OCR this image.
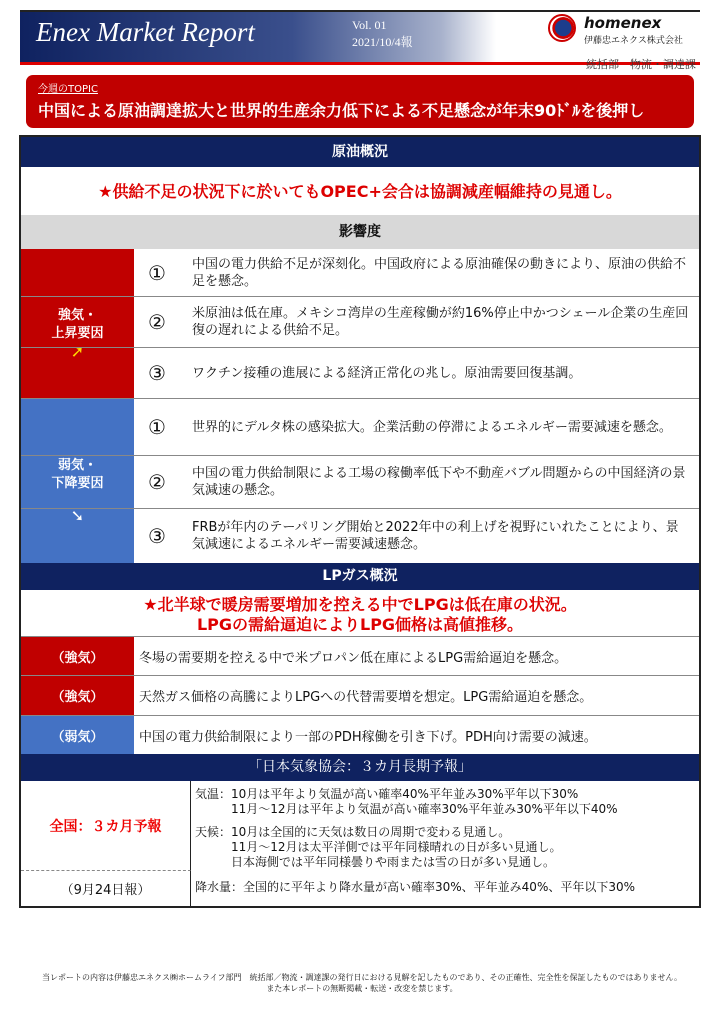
Enex Market Report	Vol. 01
2021/10/4報
homenex
伊藤忠エネクス株式会社
統括部　物流・調達課
今週のTOPIC
中国による原油調達拡大と世界的生産余力低下による不足懸念が年末90ﾄﾞﾙを後押し
原油概況
★供給不足の状況下に於いてもOPEC+会合は協調減産幅維持の見通し。
影響度
強気・
上昇要因
➚
①	中国の電力供給不足が深刻化。中国政府による原油確保の動きにより、原油の供給不足を懸念。
②	米原油は低在庫。メキシコ湾岸の生産稼働が約16%停止中かつシェール企業の生産回復の遅れによる供給不足。
③	ワクチン接種の進展による経済正常化の兆し。原油需要回復基調。
弱気・
下降要因
➘
①	世界的にデルタ株の感染拡大。企業活動の停滞によるエネルギー需要減速を懸念。
②	中国の電力供給制限による工場の稼働率低下や不動産バブル問題からの中国経済の景気減速の懸念。
③	FRBが年内のテーパリング開始と2022年中の利上げを視野にいれたことにより、景気減速によるエネルギー需要減速懸念。
LPガス概況
★北半球で暖房需要増加を控える中でLPGは低在庫の状況。
LPGの需給逼迫によりLPG価格は高値推移。
（強気）	冬場の需要期を控える中で米プロパン低在庫によるLPG需給逼迫を懸念。
（強気）	天然ガス価格の高騰によりLPGへの代替需要増を想定。LPG需給逼迫を懸念。
（弱気）	中国の電力供給制限により一部のPDH稼働を引き下げ。PDH向け需要の減速。
「日本気象協会：３カ月長期予報」
全国：３カ月予報
（9月24日報）
気温：10月は平年より気温が高い確率40%平年並み30%平年以下30%
　　　11月～12月は平年より気温が高い確率30%平年並み30%平年以下40%
天候：10月は全国的に天気は数日の周期で変わる見通し。
　　　11月～12月は太平洋側では平年同様晴れの日が多い見通し。
　　　日本海側では平年同様曇りや雨または雪の日が多い見通し。
降水量：全国的に平年より降水量が高い確率30%、平年並み40%、平年以下30%
当レポートの内容は伊藤忠エネクス㈱ホームライフ部門　統括部／物流・調達課の発行日における見解を記したものであり、その正確性、完全性を保証したものではありません。
また本レポートの無断掲載・転送・改変を禁じます。
